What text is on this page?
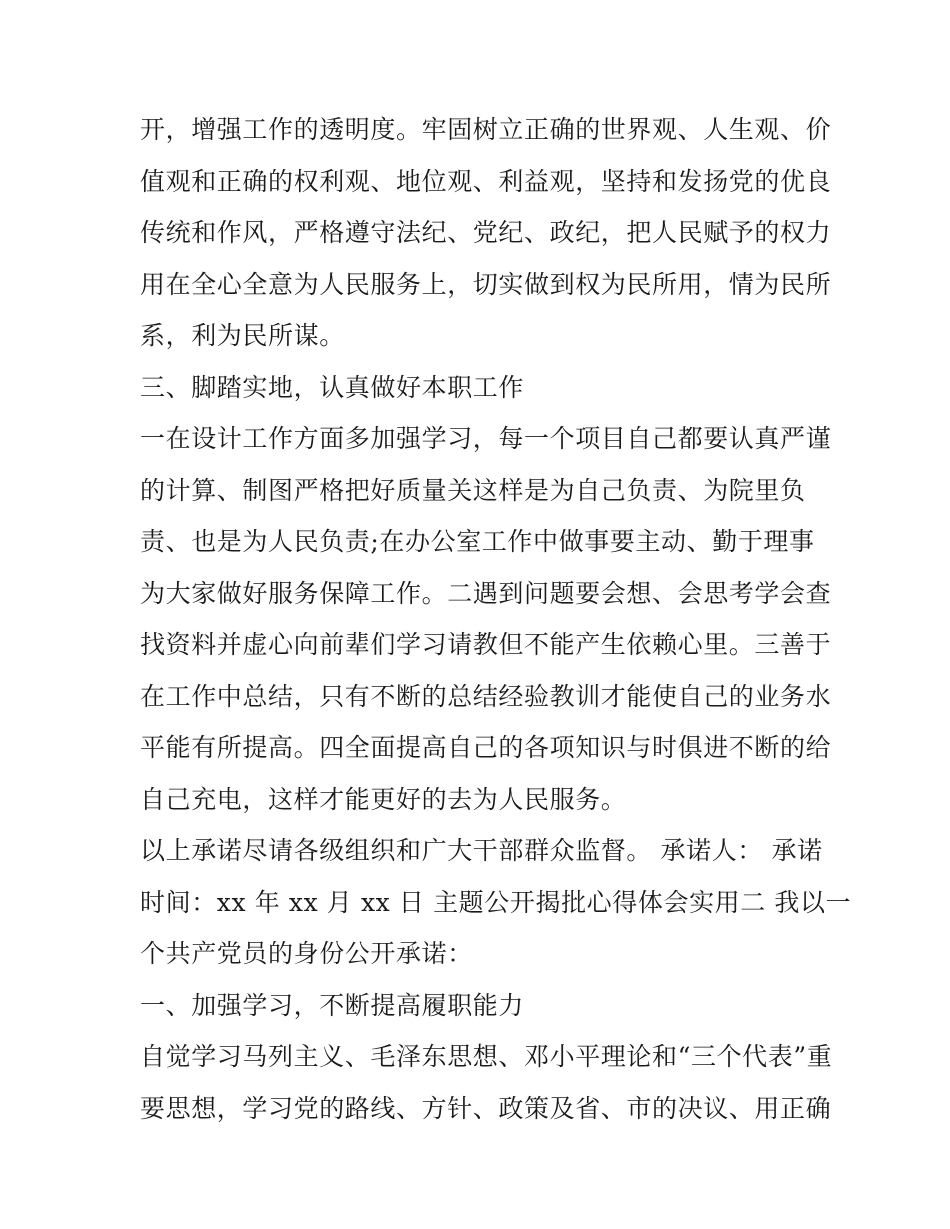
开，增强工作的透明度。牢固树立正确的世界观、人生观、价
值观和正确的权利观、地位观、利益观，坚持和发扬党的优良
传统和作风，严格遵守法纪、党纪、政纪，把人民赋予的权力
用在全心全意为人民服务上，切实做到权为民所用，情为民所
系，利为民所谋。
三、脚踏实地，认真做好本职工作
一在设计工作方面多加强学习，每一个项目自己都要认真严谨
的计算、制图严格把好质量关这样是为自己负责、为院里负
责、也是为人民负责;在办公室工作中做事要主动、勤于理事
为大家做好服务保障工作。二遇到问题要会想、会思考学会查
找资料并虚心向前辈们学习请教但不能产生依赖心里。三善于
在工作中总结，只有不断的总结经验教训才能使自己的业务水
平能有所提高。四全面提高自己的各项知识与时俱进不断的给
自己充电，这样才能更好的去为人民服务。
以上承诺尽请各级组织和广大干部群众监督。 承诺人： 承诺
时间：xx 年 xx 月 xx 日 主题公开揭批心得体会实用二 我以一
个共产党员的身份公开承诺：
一、加强学习，不断提高履职能力
自觉学习马列主义、毛泽东思想、邓小平理论和“三个代表”重
要思想，学习党的路线、方针、政策及省、市的决议、用正确
